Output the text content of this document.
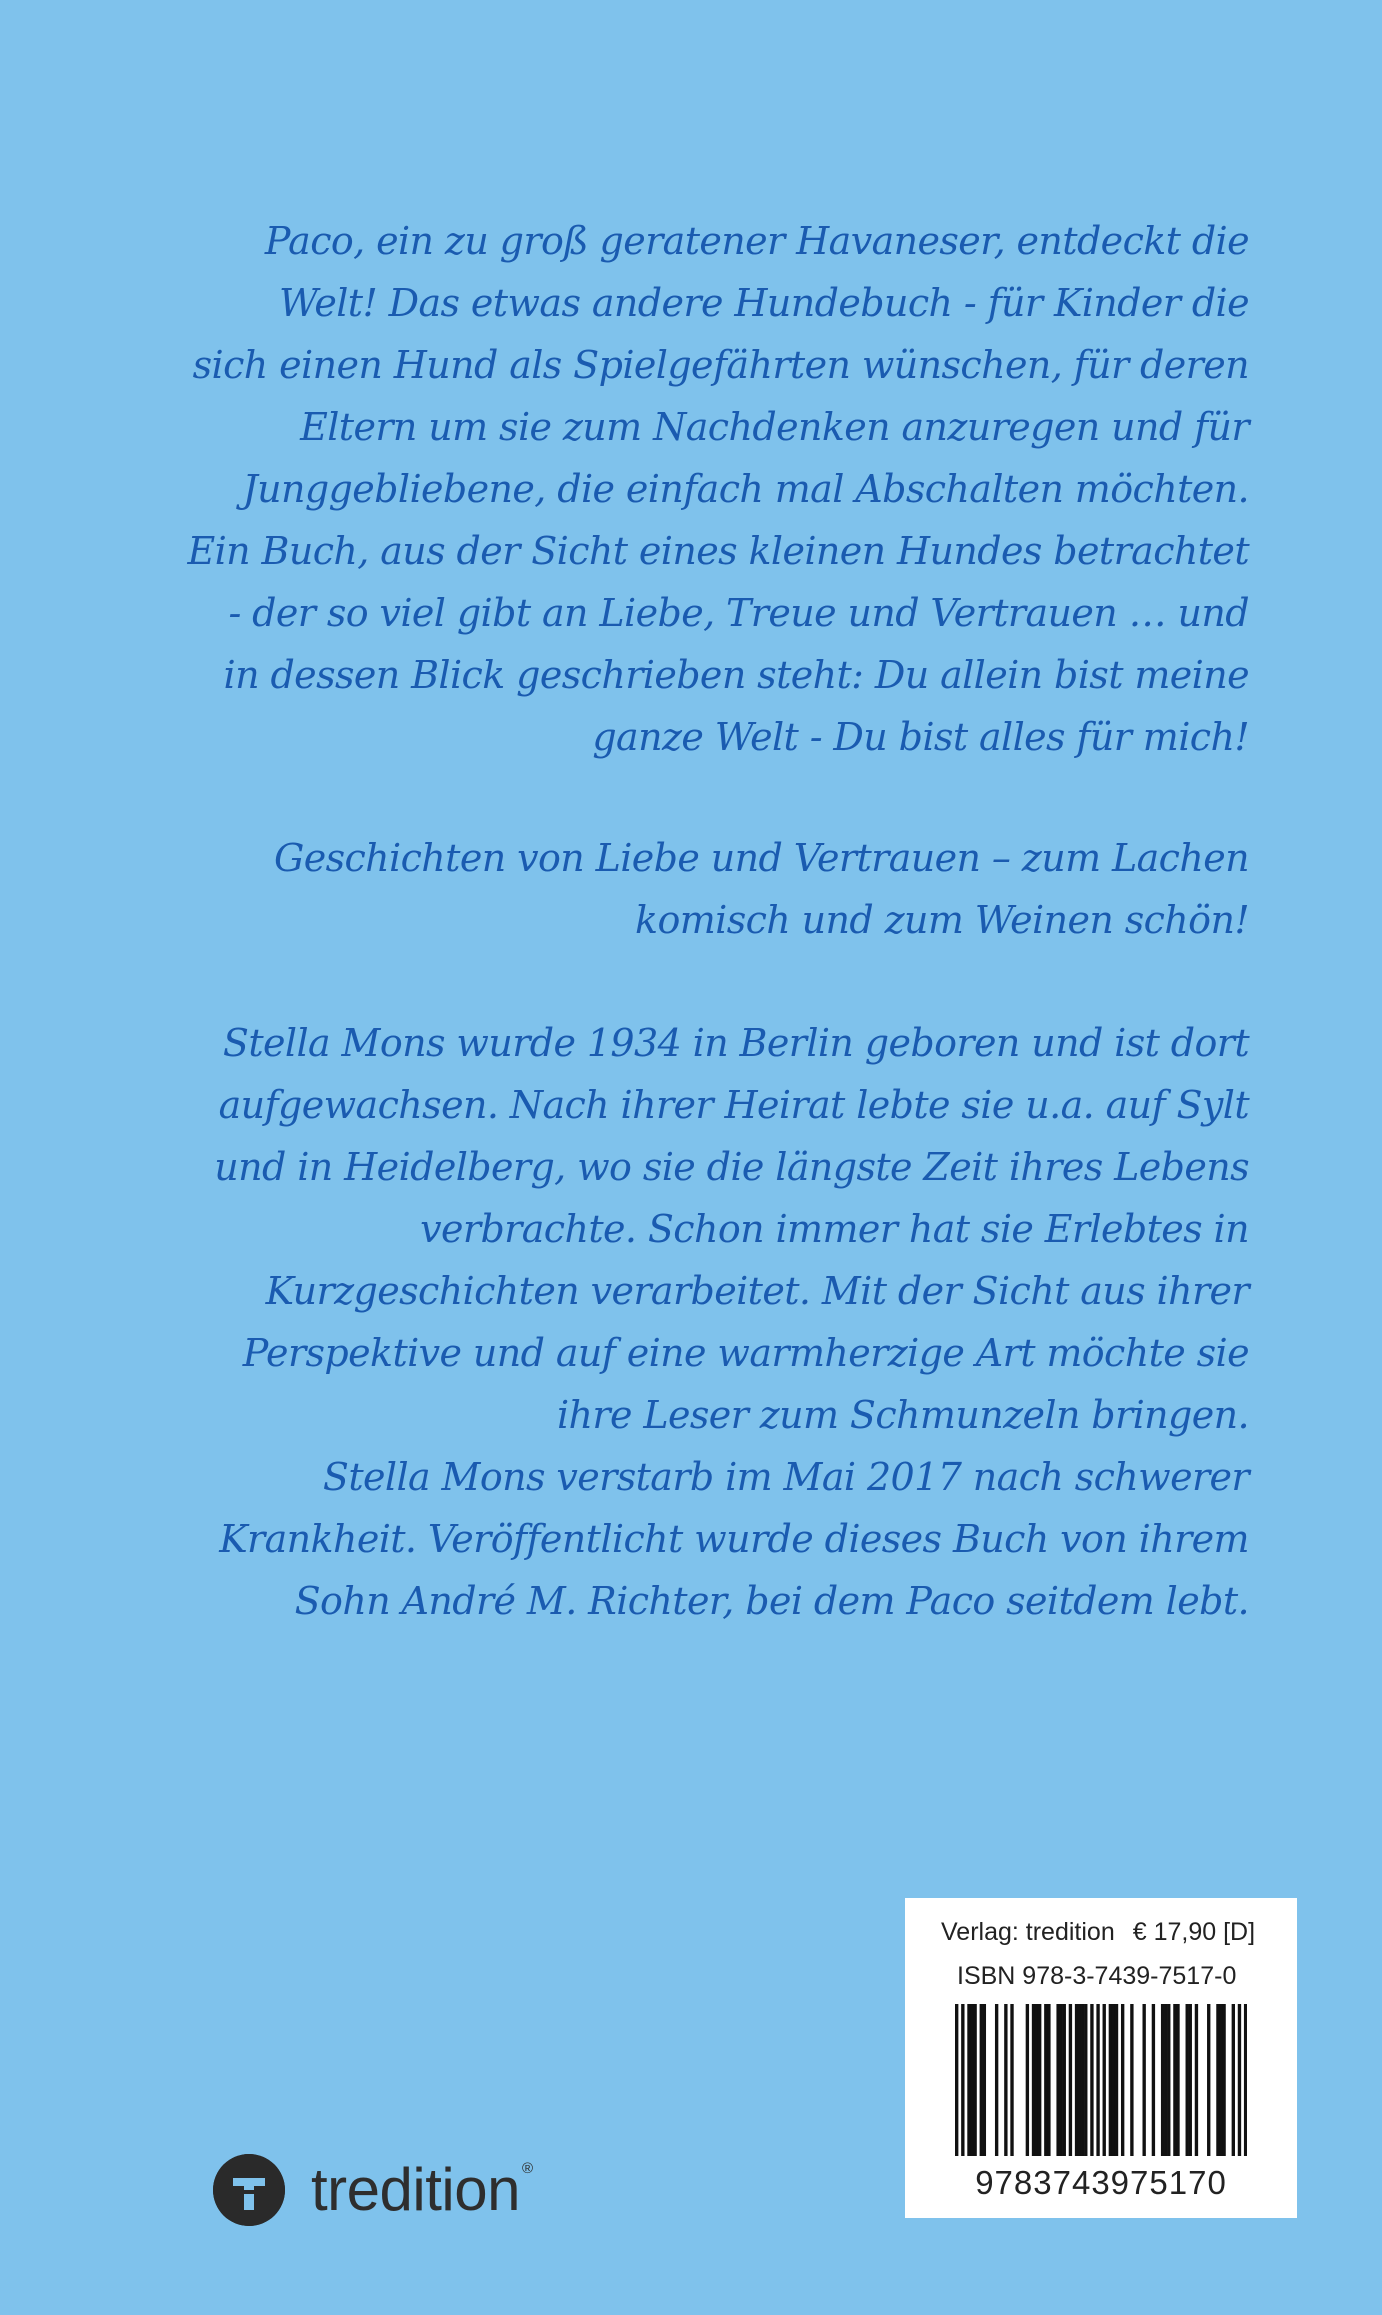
Paco, ein zu groß geratener Havaneser, entdeckt die
Welt! Das etwas andere Hundebuch - für Kinder die
sich einen Hund als Spielgefährten wünschen, für deren
Eltern um sie zum Nachdenken anzuregen und für
Junggebliebene, die einfach mal Abschalten möchten.
Ein Buch, aus der Sicht eines kleinen Hundes betrachtet
- der so viel gibt an Liebe, Treue und Vertrauen … und
in dessen Blick geschrieben steht: Du allein bist meine
ganze Welt - Du bist alles für mich!
Geschichten von Liebe und Vertrauen – zum Lachen
komisch und zum Weinen schön!
Stella Mons wurde 1934 in Berlin geboren und ist dort
aufgewachsen. Nach ihrer Heirat lebte sie u.a. auf Sylt
und in Heidelberg, wo sie die längste Zeit ihres Lebens
verbrachte. Schon immer hat sie Erlebtes in
Kurzgeschichten verarbeitet. Mit der Sicht aus ihrer
Perspektive und auf eine warmherzige Art möchte sie
ihre Leser zum Schmunzeln bringen.
Stella Mons verstarb im Mai 2017 nach schwerer
Krankheit. Veröffentlicht wurde dieses Buch von ihrem
Sohn André M. Richter, bei dem Paco seitdem lebt.
Verlag: tredition € 17,90 [D]
ISBN 978-3-7439-7517-0
9783743975170
tredition ®
